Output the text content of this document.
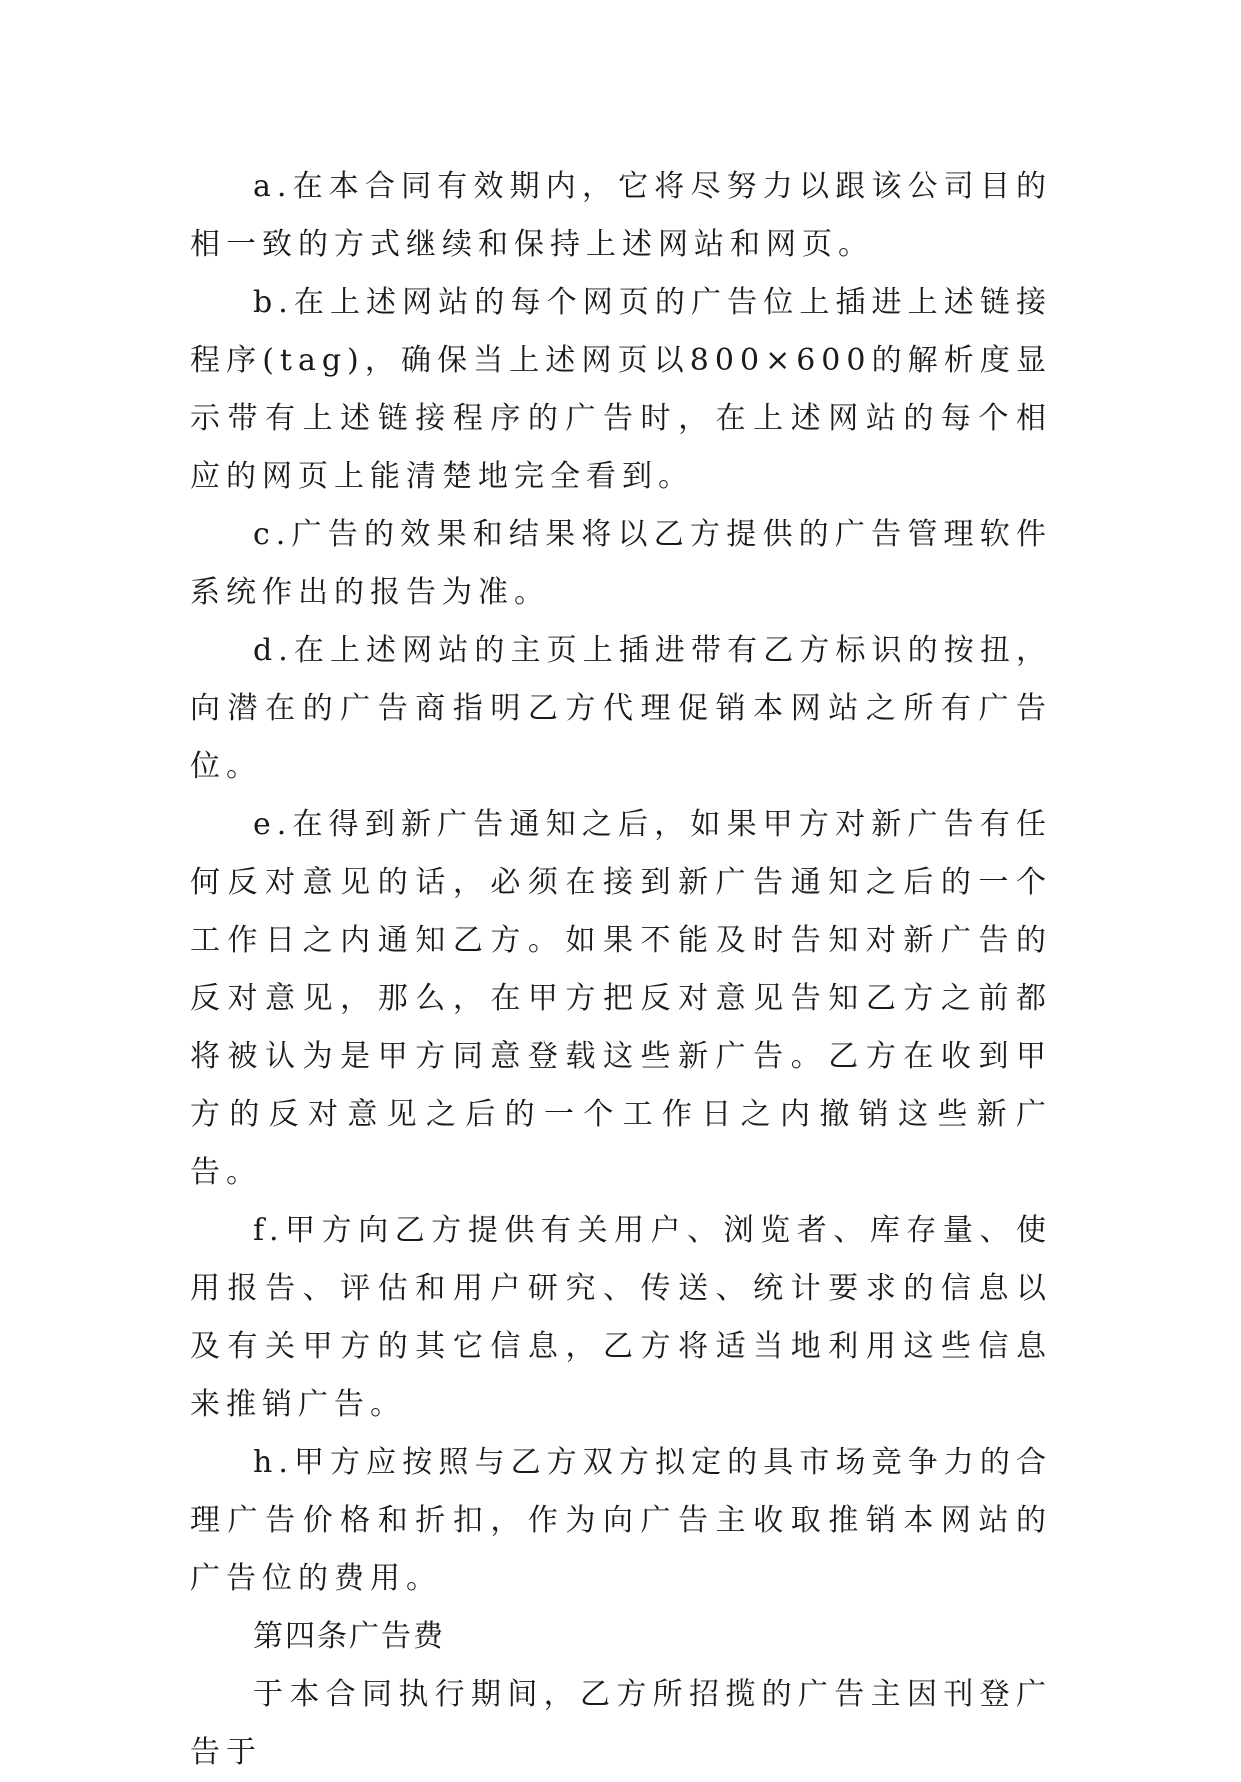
a.在本合同有效期内，它将尽努力以跟该公司目的相一致的方式继续和保持上述网站和网页。

b.在上述网站的每个网页的广告位上插进上述链接程序(tag)，确保当上述网页以800×600的解析度显示带有上述链接程序的广告时，在上述网站的每个相应的网页上能清楚地完全看到。

c.广告的效果和结果将以乙方提供的广告管理软件系统作出的报告为准。

d.在上述网站的主页上插进带有乙方标识的按扭，向潜在的广告商指明乙方代理促销本网站之所有广告位。

e.在得到新广告通知之后，如果甲方对新广告有任何反对意见的话，必须在接到新广告通知之后的一个工作日之内通知乙方。如果不能及时告知对新广告的反对意见，那么，在甲方把反对意见告知乙方之前都将被认为是甲方同意登载这些新广告。乙方在收到甲方的反对意见之后的一个工作日之内撤销这些新广告。

f.甲方向乙方提供有关用户、浏览者、库存量、使用报告、评估和用户研究、传送、统计要求的信息以及有关甲方的其它信息，乙方将适当地利用这些信息来推销广告。

h.甲方应按照与乙方双方拟定的具市场竞争力的合理广告价格和折扣，作为向广告主收取推销本网站的广告位的费用。

第四条广告费

于本合同执行期间，乙方所招揽的广告主因刊登广告于
